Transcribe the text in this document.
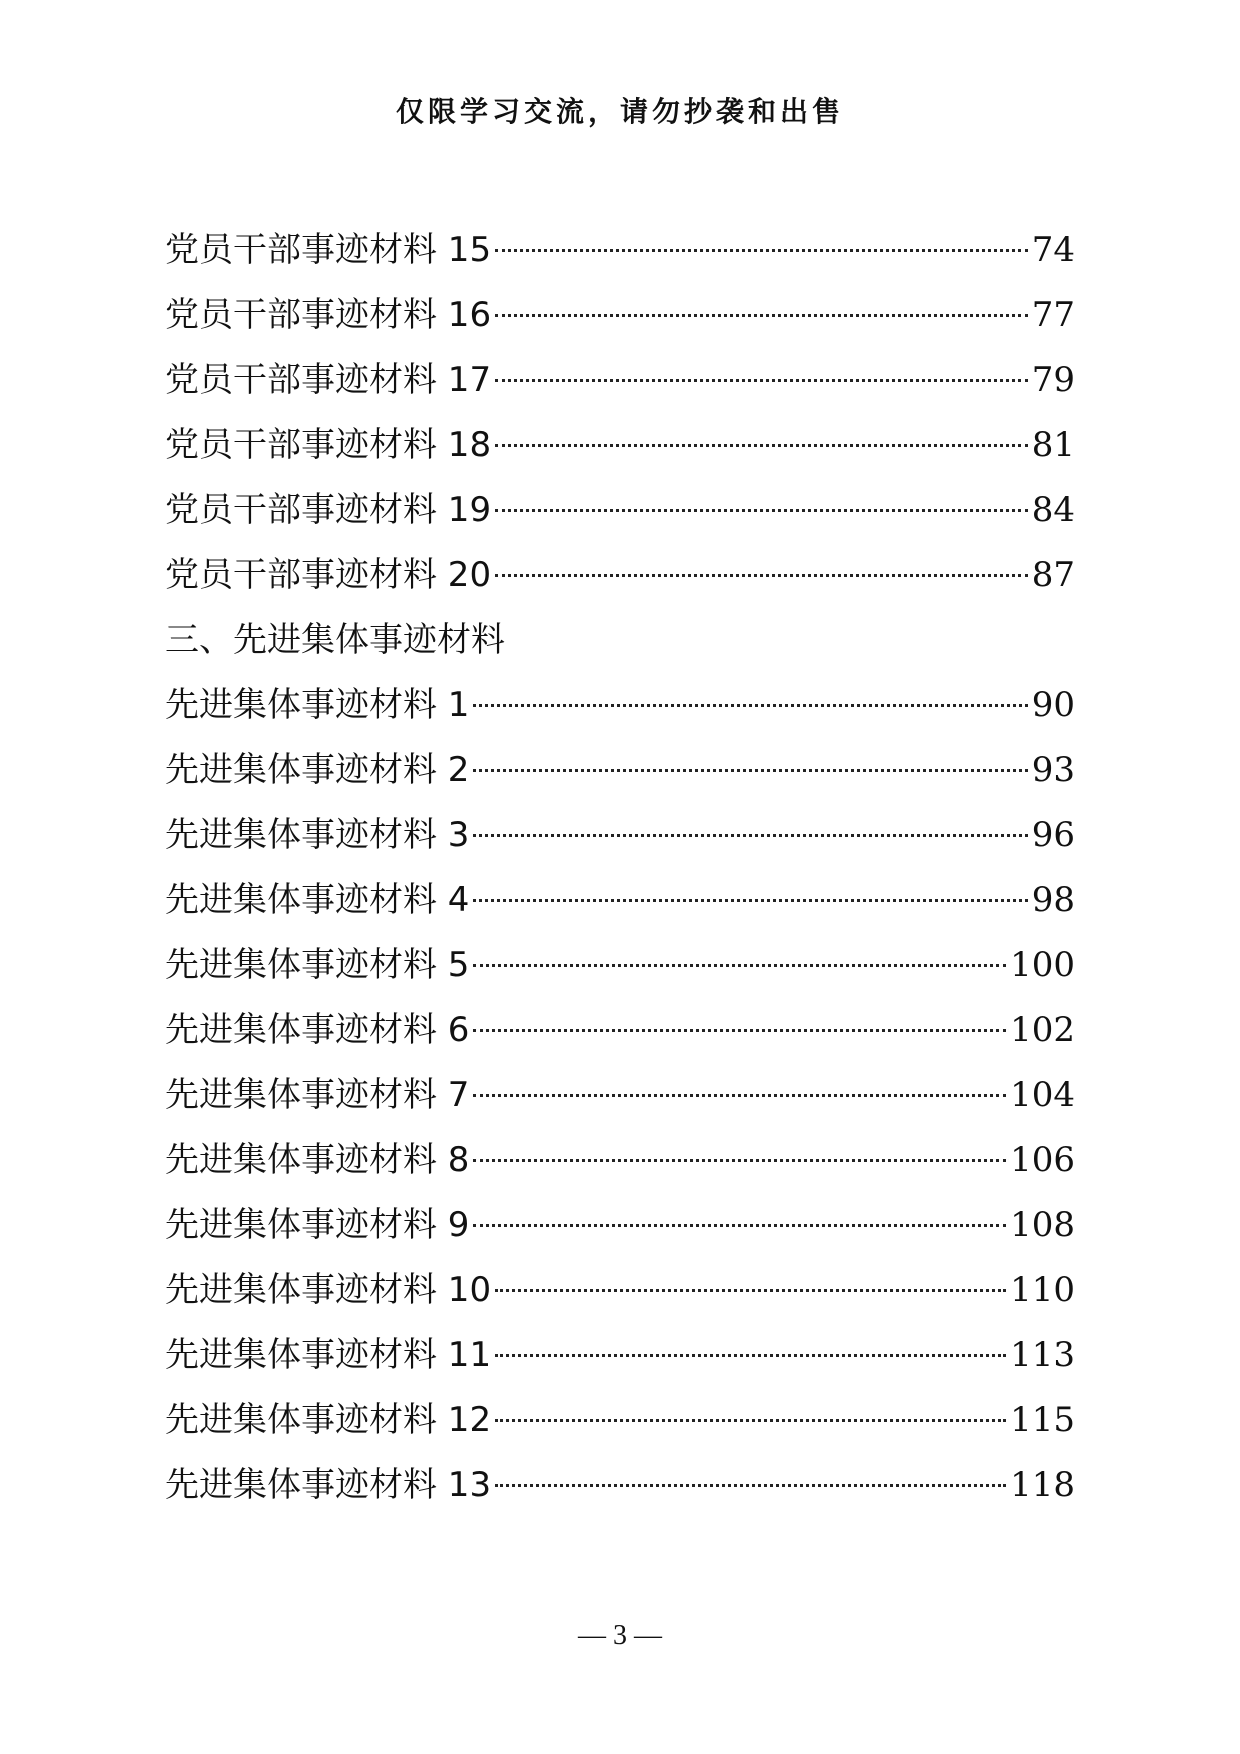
仅限学习交流，请勿抄袭和出售
党员干部事迹材料 15	74
党员干部事迹材料 16	77
党员干部事迹材料 17	79
党员干部事迹材料 18	81
党员干部事迹材料 19	84
党员干部事迹材料 20	87
三、先进集体事迹材料
先进集体事迹材料 1	90
先进集体事迹材料 2	93
先进集体事迹材料 3	96
先进集体事迹材料 4	98
先进集体事迹材料 5	100
先进集体事迹材料 6	102
先进集体事迹材料 7	104
先进集体事迹材料 8	106
先进集体事迹材料 9	108
先进集体事迹材料 10	110
先进集体事迹材料 11	113
先进集体事迹材料 12	115
先进集体事迹材料 13	118
— 3 —
